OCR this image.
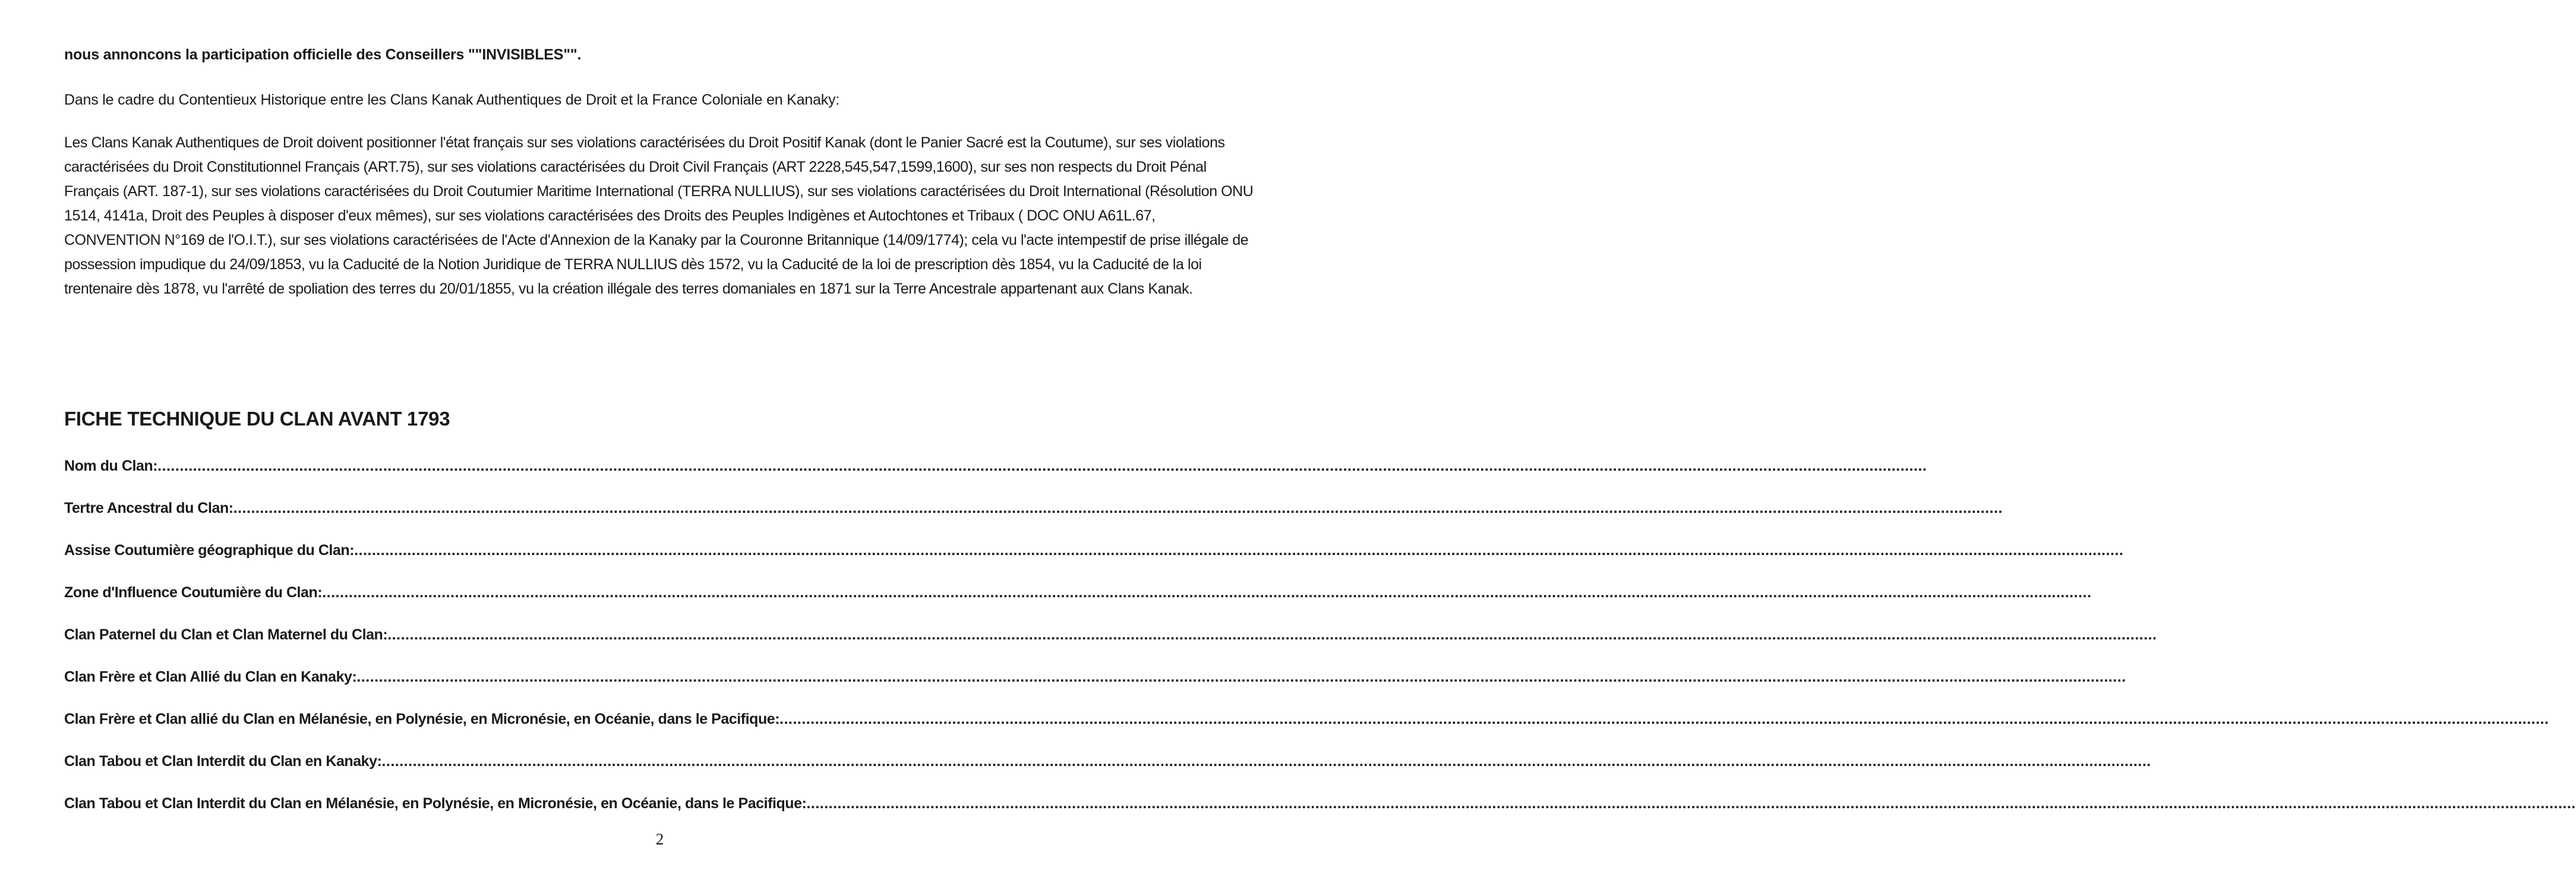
nous annoncons la participation officielle des Conseillers ""INVISIBLES"".
Dans le cadre du Contentieux Historique entre les Clans Kanak Authentiques de Droit et la France Coloniale en Kanaky:

Les Clans Kanak Authentiques de Droit doivent positionner l'état français sur ses violations caractérisées du Droit Positif Kanak (dont le Panier Sacré est la Coutume), sur ses violations caractérisées du Droit Constitutionnel Français (ART.75), sur ses violations caractérisées du Droit Civil Français (ART 2228,545,547,1599,1600), sur ses non respects du Droit Pénal Français (ART. 187-1), sur ses violations caractérisées du Droit Coutumier Maritime International (TERRA NULLIUS), sur ses violations caractérisées du Droit International (Résolution ONU 1514, 4141a, Droit des Peuples à disposer d'eux mêmes), sur ses violations caractérisées des Droits des Peuples Indigènes et Autochtones et Tribaux ( DOC ONU A61L.67, CONVENTION N°169 de l'O.I.T.), sur ses violations caractérisées de l'Acte d'Annexion de la Kanaky par la Couronne Britannique (14/09/1774); cela vu l'acte intempestif de prise illégale de possession impudique du 24/09/1853, vu la Caducité de la Notion Juridique de TERRA NULLIUS dès 1572, vu la Caducité de la loi de prescription dès 1854, vu la Caducité de la loi trentenaire dès 1878, vu l'arrêté de spoliation des terres du 20/01/1855, vu la création illégale des terres domaniales en 1871 sur la Terre Ancestrale appartenant aux Clans Kanak.

FICHE TECHNIQUE DU CLAN AVANT 1793
Nom du Clan: ................................................................................................................................................................................................................................................................................................................................................................................................................
Tertre Ancestral du Clan: ................................................................................................................................................................................................................................................................................................................................................................................................................
Assise Coutumière géographique du Clan: ................................................................................................................................................................................................................................................................................................................................................................................................................
Zone d'Influence Coutumière du Clan: ................................................................................................................................................................................................................................................................................................................................................................................................................
Clan Paternel du Clan et Clan Maternel du Clan: ................................................................................................................................................................................................................................................................................................................................................................................................................
Clan Frère et Clan Allié du Clan en Kanaky: ................................................................................................................................................................................................................................................................................................................................................................................................................
Clan Frère et Clan allié du Clan en Mélanésie, en Polynésie, en Micronésie, en Océanie, dans le Pacifique: ................................................................................................................................................................................................................................................................................................................................................................................................................
Clan Tabou et Clan Interdit du Clan en Kanaky: ................................................................................................................................................................................................................................................................................................................................................................................................................
Clan Tabou et Clan Interdit du Clan en Mélanésie, en Polynésie, en Micronésie, en Océanie, dans le Pacifique: ................................................................................................................................................................................................................................................................................................................................................................................................................
2
